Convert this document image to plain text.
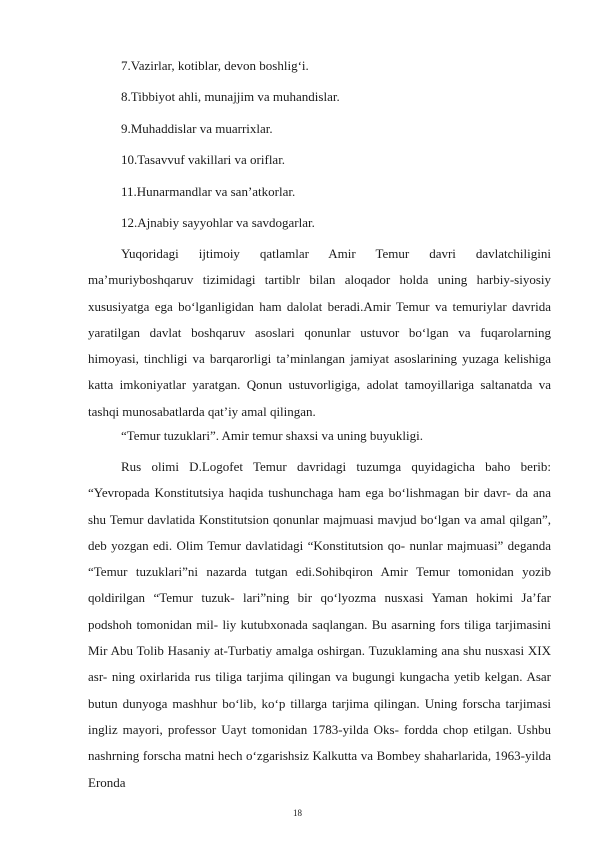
7.Vazirlar, kotiblar, devon boshlig‘i.
8.Tibbiyot ahli, munajjim va muhandislar.
9.Muhaddislar va muarrixlar.
10.Tasavvuf vakillari va oriflar.
11.Hunarmandlar va san’atkorlar.
12.Ajnabiy sayyohlar va savdogarlar.

Yuqoridagi ijtimoiy qatlamlar Amir Temur davri davlatchiligini ma’muriyboshqaruv tizimidagi tartiblr bilan aloqador holda uning harbiy-siyosiy xususiyatga ega bo‘lganligidan ham dalolat beradi.Amir Temur va temuriylar davrida yaratilgan davlat boshqaruv asoslari qonunlar ustuvor bo‘lgan va fuqarolarning himoyasi, tinchligi va barqarorligi ta’minlangan jamiyat asoslarining yuzaga kelishiga katta imkoniyatlar yaratgan. Qonun ustuvorligiga, adolat tamoyillariga saltanatda va tashqi munosabatlarda qat’iy amal qilingan.

“Temur tuzuklari”. Amir temur shaxsi va uning buyukligi.

Rus olimi D.Logofet Temur davridagi tuzumga quyidagicha baho berib: “Yevropada Konstitutsiya haqida tushunchaga ham ega bo‘lishmagan bir davr- da ana shu Temur davlatida Konstitutsion qonunlar majmuasi mavjud bo‘lgan va amal qilgan”, deb yozgan edi. Olim Temur davlatidagi “Konstitutsion qo- nunlar majmuasi” deganda “Temur tuzuklari”ni nazarda tutgan edi.Sohibqiron Amir Temur tomonidan yozib qoldirilgan “Temur tuzuk- lari”ning bir qo‘lyozma nusxasi Yaman hokimi Ja’far podshoh tomonidan mil- liy kutubxonada saqlangan. Bu asarning fors tiliga tarjimasini Mir Abu Tolib Hasaniy at-Turbatiy amalga oshirgan. Tuzuklaming ana shu nusxasi XIX asr- ning oxirlarida rus tiliga tarjima qilingan va bugungi kungacha yetib kelgan. Asar butun dunyoga mashhur bo‘lib, ko‘p tillarga tarjima qilingan. Uning forscha tarjimasi ingliz mayori, professor Uayt tomonidan 1783-yilda Oks- fordda chop etilgan. Ushbu nashrning forscha matni hech o‘zgarishsiz Kalkutta va Bombey shaharlarida, 1963-yilda Eronda

18
